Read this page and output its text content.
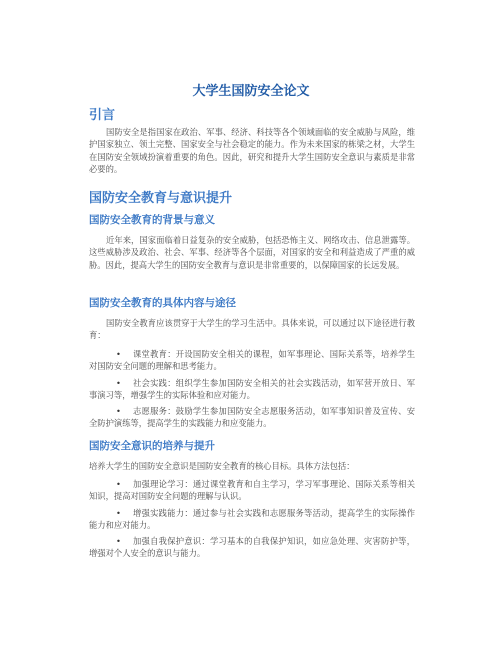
大学生国防安全论文
引言

国防安全是指国家在政治、军事、经济、科技等各个领域面临的安全威胁与风险，维护国家独立、领土完整、国家安全与社会稳定的能力。作为未来国家的栋梁之材，大学生在国防安全领域扮演着重要的角色。因此，研究和提升大学生国防安全意识与素质是非常必要的。

国防安全教育与意识提升
国防安全教育的背景与意义

近年来，国家面临着日益复杂的安全威胁，包括恐怖主义、网络攻击、信息泄露等。这些威胁涉及政治、社会、军事、经济等各个层面，对国家的安全和利益造成了严重的威胁。因此，提高大学生的国防安全教育与意识是非常重要的，以保障国家的长远发展。

国防安全教育的具体内容与途径

国防安全教育应该贯穿于大学生的学习生活中。具体来说，可以通过以下途径进行教育：

• 课堂教育：开设国防安全相关的课程，如军事理论、国际关系等，培养学生对国防安全问题的理解和思考能力。
• 社会实践：组织学生参加国防安全相关的社会实践活动，如军营开放日、军事演习等，增强学生的实际体验和应对能力。
• 志愿服务：鼓励学生参加国防安全志愿服务活动，如军事知识普及宣传、安全防护演练等，提高学生的实践能力和应变能力。
国防安全意识的培养与提升

培养大学生的国防安全意识是国防安全教育的核心目标。具体方法包括：

• 加强理论学习：通过课堂教育和自主学习，学习军事理论、国际关系等相关知识，提高对国防安全问题的理解与认识。
• 增强实践能力：通过参与社会实践和志愿服务等活动，提高学生的实际操作能力和应对能力。
• 加强自我保护意识：学习基本的自我保护知识，如应急处理、灾害防护等，增强对个人安全的意识与能力。
